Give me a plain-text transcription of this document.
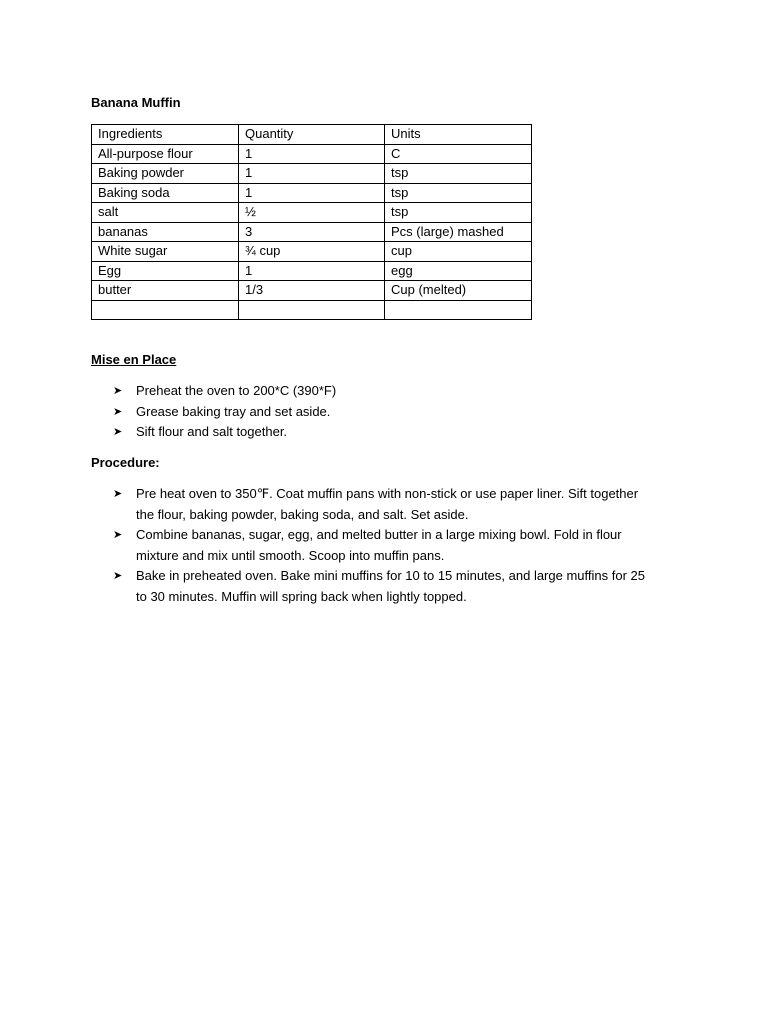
Banana Muffin
Ingredients	Quantity	Units
All-purpose flour	1	C
Baking powder	1	tsp
Baking soda	1	tsp
salt	½	tsp
bananas	3	Pcs (large) mashed
White sugar	¾ cup	cup
Egg	1	egg
butter	1/3	Cup (melted)

Mise en Place
➤ Preheat the oven to 200*C (390*F)
➤ Grease baking tray and set aside.
➤ Sift flour and salt together.
Procedure:
➤ Pre heat oven to 350℉. Coat muffin pans with non-stick or use paper liner. Sift together the flour, baking powder, baking soda, and salt. Set aside.
➤ Combine bananas, sugar, egg, and melted butter in a large mixing bowl. Fold in flour mixture and mix until smooth. Scoop into muffin pans.
➤ Bake in preheated oven. Bake mini muffins for 10 to 15 minutes, and large muffins for 25 to 30 minutes. Muffin will spring back when lightly topped.
